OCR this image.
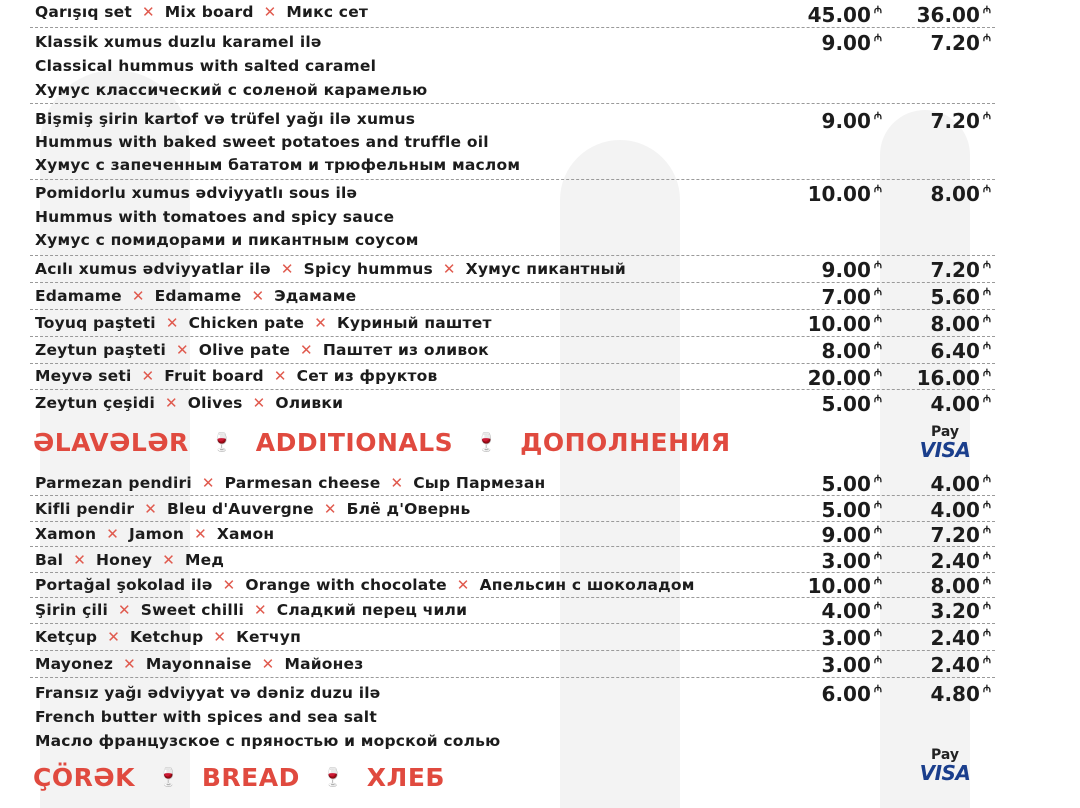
Qarışıq set ✕ Mix board ✕ Микс сет	45.00 ₼	36.00 ₼
Klassik xumus duzlu karamel ilə
Classical hummus with salted caramel
Хумус классический с соленой карамелью
9.00 ₼	7.20 ₼
Bişmiş şirin kartof və trüfel yağı ilə xumus
Hummus with baked sweet potatoes and truffle oil
Хумус с запеченным бататом и трюфельным маслом
9.00 ₼	7.20 ₼
Pomidorlu xumus ədviyyatlı sous ilə
Hummus with tomatoes and spicy sauce
Хумус с помидорами и пикантным соусом
10.00 ₼	8.00 ₼
Acılı xumus ədviyyatlar ilə ✕ Spicy hummus ✕ Хумус пикантный	9.00 ₼	7.20 ₼
Edamame ✕ Edamame ✕ Эдамаме	7.00 ₼	5.60 ₼
Toyuq paşteti ✕ Chicken pate ✕ Куриный паштет	10.00 ₼	8.00 ₼
Zeytun paşteti ✕ Olive pate ✕ Паштет из оливок	8.00 ₼	6.40 ₼
Meyvə seti ✕ Fruit board ✕ Сет из фруктов	20.00 ₼	16.00 ₼
Zeytun çeşidi ✕ Olives ✕ Оливки	5.00 ₼	4.00 ₼
ƏLAVƏLƏR 🍷 ADDITIONALS 🍷 ДОПОЛНЕНИЯ	Pay
VISA
Parmezan pendiri ✕ Parmesan cheese ✕ Сыр Пармезан	5.00 ₼	4.00 ₼
Kifli pendir ✕ Bleu d'Auvergne ✕ Блё д'Овернь	5.00 ₼	4.00 ₼
Xamon ✕ Jamon ✕ Хамон	9.00 ₼	7.20 ₼
Bal ✕ Honey ✕ Мед	3.00 ₼	2.40 ₼
Portağal şokolad ilə ✕ Orange with chocolate ✕ Апельсин с шоколадом	10.00 ₼	8.00 ₼
Şirin çili ✕ Sweet chilli ✕ Сладкий перец чили	4.00 ₼	3.20 ₼
Ketçup ✕ Ketchup ✕ Кетчуп	3.00 ₼	2.40 ₼
Mayonez ✕ Mayonnaise ✕ Майонез	3.00 ₼	2.40 ₼
Fransız yağı ədviyyat və dəniz duzu ilə
French butter with spices and sea salt
Масло французское с пряностью и морской солью
6.00 ₼	4.80 ₼
ÇÖRƏK 🍷 BREAD 🍷 ХЛЕБ
Pay
VISA
